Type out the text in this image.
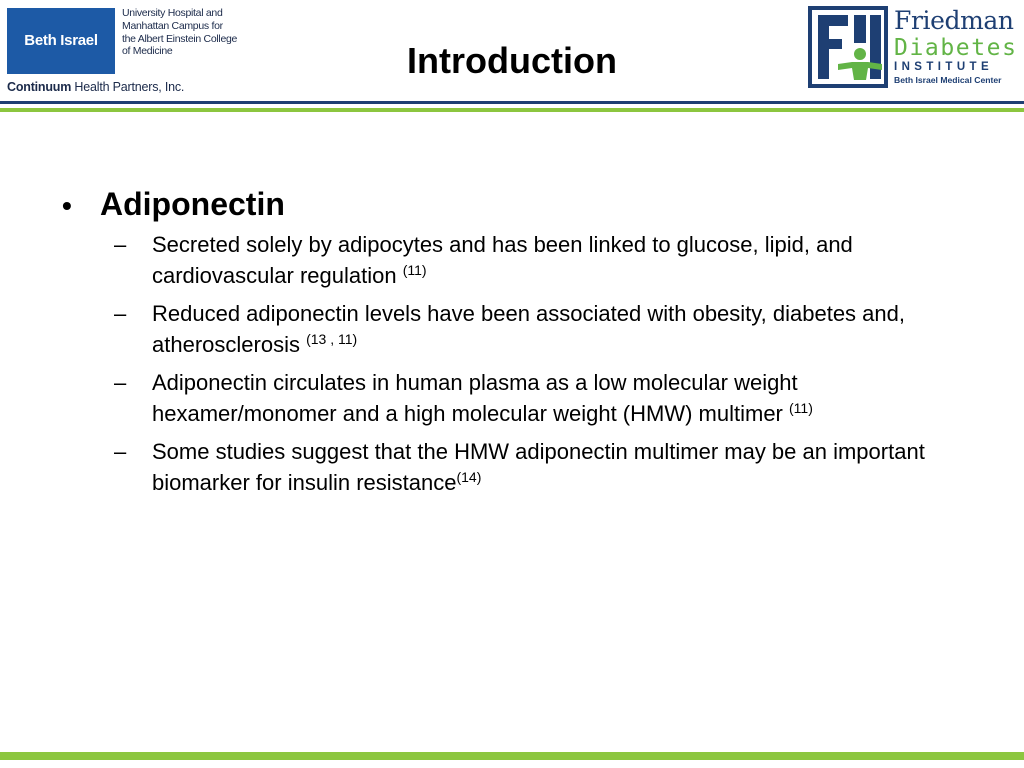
Beth Israel
University Hospital and
Manhattan Campus for
the Albert Einstein College
of Medicine
Continuum Health Partners, Inc.
Introduction
Friedman
Diabetes
INSTITUTE
Beth Israel Medical Center
• Adiponectin
–	Secreted solely by adipocytes and has been linked to glucose, lipid, and cardiovascular regulation $^{(11)}$
–	Reduced adiponectin levels have been associated with obesity, diabetes and, atherosclerosis $^{(13 , 11)}$
–	Adiponectin circulates in human plasma as a low molecular weight hexamer/monomer and a high molecular weight (HMW) multimer $^{(11)}$
–	Some studies suggest that the HMW adiponectin multimer may be an important biomarker for insulin resistance$^{(14)}$
